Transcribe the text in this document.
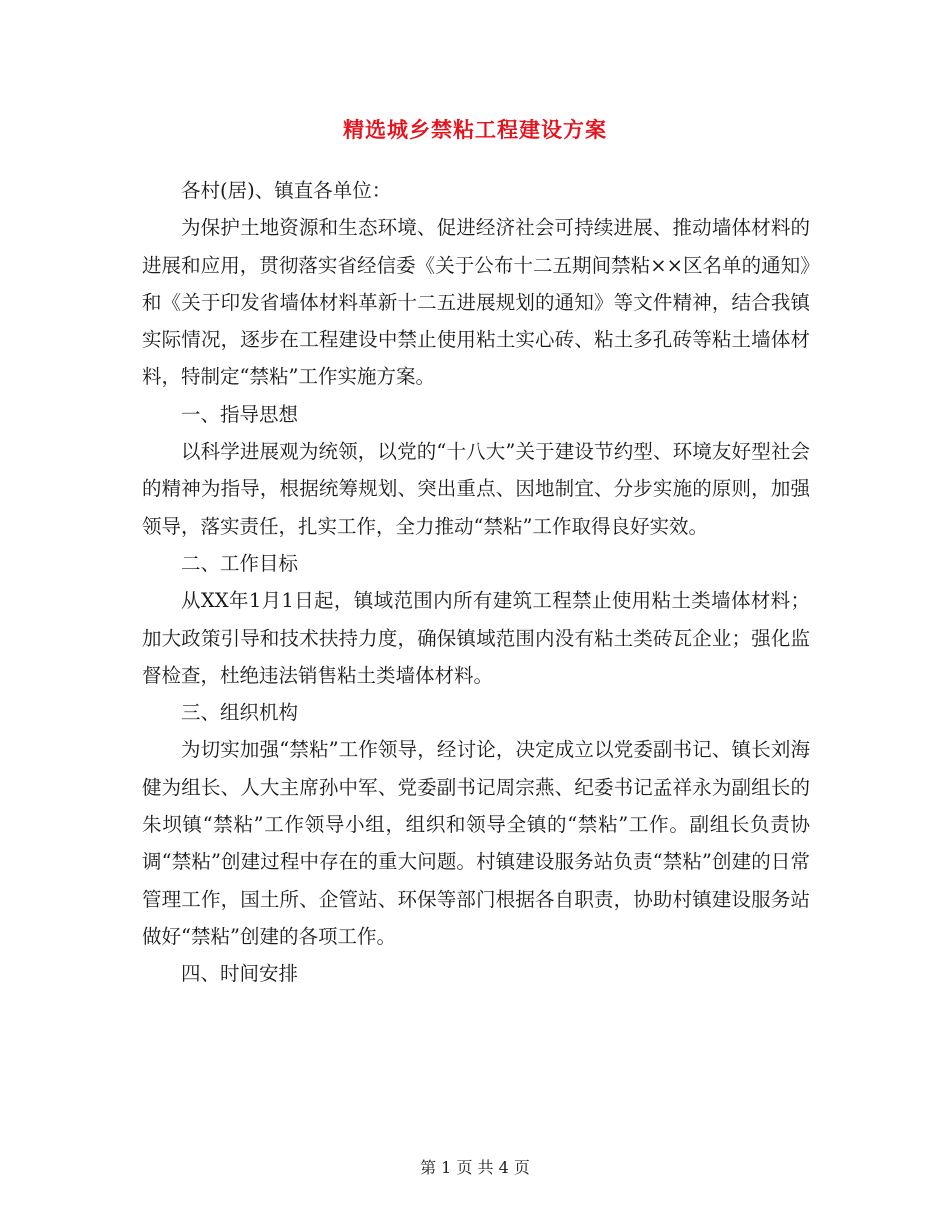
精选城乡禁粘工程建设方案

各村(居)、镇直各单位：

为保护土地资源和生态环境、促进经济社会可持续进展、推动墙体材料的进展和应用，贯彻落实省经信委《关于公布十二五期间禁粘××区名单的通知》和《关于印发省墙体材料革新十二五进展规划的通知》等文件精神，结合我镇实际情况，逐步在工程建设中禁止使用粘土实心砖、粘土多孔砖等粘土墙体材料，特制定“禁粘”工作实施方案。

一、指导思想

以科学进展观为统领，以党的“十八大”关于建设节约型、环境友好型社会的精神为指导，根据统筹规划、突出重点、因地制宜、分步实施的原则，加强领导，落实责任，扎实工作，全力推动“禁粘”工作取得良好实效。

二、工作目标

从XX年1月1日起，镇域范围内所有建筑工程禁止使用粘土类墙体材料；加大政策引导和技术扶持力度，确保镇域范围内没有粘土类砖瓦企业；强化监督检查，杜绝违法销售粘土类墙体材料。

三、组织机构

为切实加强“禁粘”工作领导，经讨论，决定成立以党委副书记、镇长刘海健为组长、人大主席孙中军、党委副书记周宗燕、纪委书记孟祥永为副组长的朱坝镇“禁粘”工作领导小组，组织和领导全镇的“禁粘”工作。副组长负责协调“禁粘”创建过程中存在的重大问题。村镇建设服务站负责“禁粘”创建的日常管理工作，国土所、企管站、环保等部门根据各自职责，协助村镇建设服务站做好“禁粘”创建的各项工作。

四、时间安排

第 1 页 共 4 页
